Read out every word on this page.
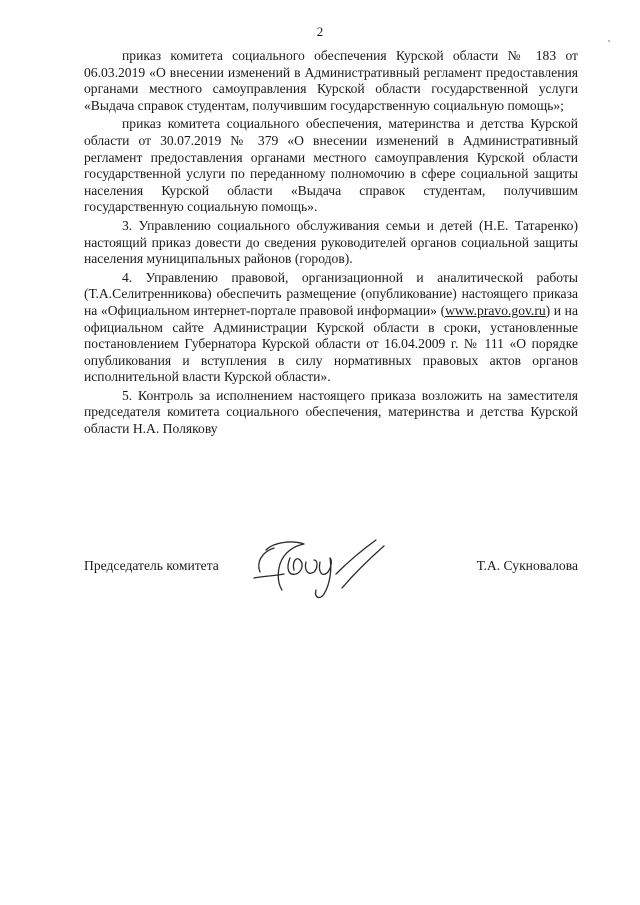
2

приказ комитета социального обеспечения Курской области № 183 от 06.03.2019 «О внесении изменений в Административный регламент предоставления органами местного самоуправления Курской области государственной услуги «Выдача справок студентам, получившим государственную социальную помощь»;

приказ комитета социального обеспечения, материнства и детства Курской области от 30.07.2019 № 379 «О внесении изменений в Административный регламент предоставления органами местного самоуправления Курской области государственной услуги по переданному полномочию в сфере социальной защиты населения Курской области «Выдача справок студентам, получившим государственную социальную помощь».

3. Управлению социального обслуживания семьи и детей (Н.Е. Татаренко) настоящий приказ довести до сведения руководителей органов социальной защиты населения муниципальных районов (городов).

4. Управлению правовой, организационной и аналитической работы (Т.А.Селитренникова) обеспечить размещение (опубликование) настоящего приказа на «Официальном интернет-портале правовой информации» (www.pravo.gov.ru) и на официальном сайте Администрации Курской области в сроки, установленные постановлением Губернатора Курской области от 16.04.2009 г. № 111 «О порядке опубликования и вступления в силу нормативных правовых актов органов исполнительной власти Курской области».

5. Контроль за исполнением настоящего приказа возложить на заместителя председателя комитета социального обеспечения, материнства и детства Курской области Н.А. Полякову

Председатель комитета	Т.А. Сукновалова
